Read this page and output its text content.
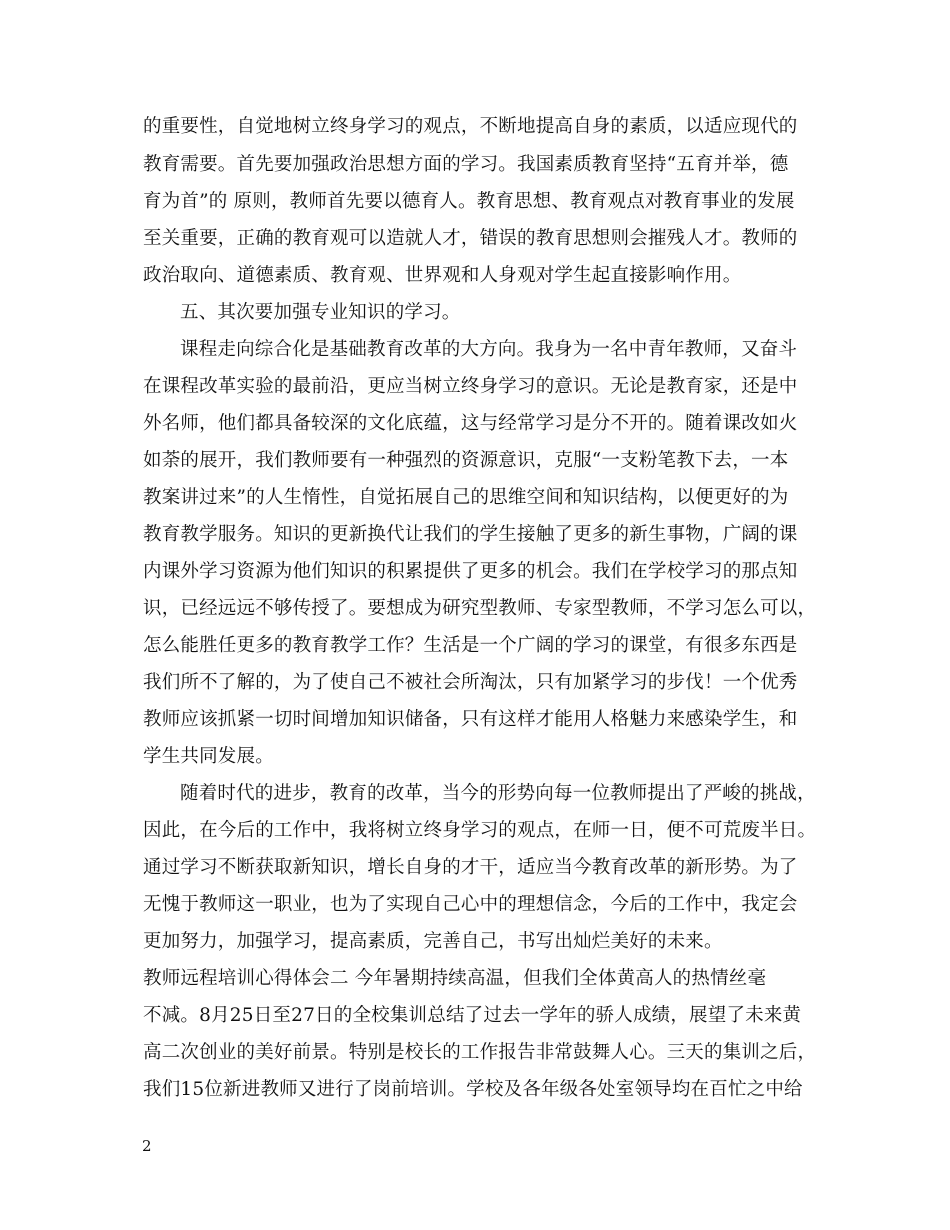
的重要性，自觉地树立终身学习的观点，不断地提高自身的素质，以适应现代的
教育需要。首先要加强政治思想方面的学习。我国素质教育坚持“五育并举，德
育为首”的 原则，教师首先要以德育人。教育思想、教育观点对教育事业的发展
至关重要，正确的教育观可以造就人才，错误的教育思想则会摧残人才。教师的
政治取向、道德素质、教育观、世界观和人身观对学生起直接影响作用。
五、其次要加强专业知识的学习。
课程走向综合化是基础教育改革的大方向。我身为一名中青年教师，又奋斗
在课程改革实验的最前沿，更应当树立终身学习的意识。无论是教育家，还是中
外名师，他们都具备较深的文化底蕴，这与经常学习是分不开的。随着课改如火
如荼的展开，我们教师要有一种强烈的资源意识，克服“一支粉笔教下去，一本
教案讲过来”的人生惰性，自觉拓展自己的思维空间和知识结构，以便更好的为
教育教学服务。知识的更新换代让我们的学生接触了更多的新生事物，广阔的课
内课外学习资源为他们知识的积累提供了更多的机会。我们在学校学习的那点知
识，已经远远不够传授了。要想成为研究型教师、专家型教师，不学习怎么可以，
怎么能胜任更多的教育教学工作？生活是一个广阔的学习的课堂，有很多东西是
我们所不了解的，为了使自己不被社会所淘汰，只有加紧学习的步伐！一个优秀
教师应该抓紧一切时间增加知识储备，只有这样才能用人格魅力来感染学生，和
学生共同发展。
随着时代的进步，教育的改革，当今的形势向每一位教师提出了严峻的挑战，
因此，在今后的工作中，我将树立终身学习的观点，在师一日，便不可荒废半日。
通过学习不断获取新知识，增长自身的才干，适应当今教育改革的新形势。为了
无愧于教师这一职业，也为了实现自己心中的理想信念，今后的工作中，我定会
更加努力，加强学习，提高素质，完善自己，书写出灿烂美好的未来。
教师远程培训心得体会二 今年暑期持续高温，但我们全体黄高人的热情丝毫
不减。8月25日至27日的全校集训总结了过去一学年的骄人成绩，展望了未来黄
高二次创业的美好前景。特别是校长的工作报告非常鼓舞人心。三天的集训之后，
我们15位新进教师又进行了岗前培训。学校及各年级各处室领导均在百忙之中给
2
